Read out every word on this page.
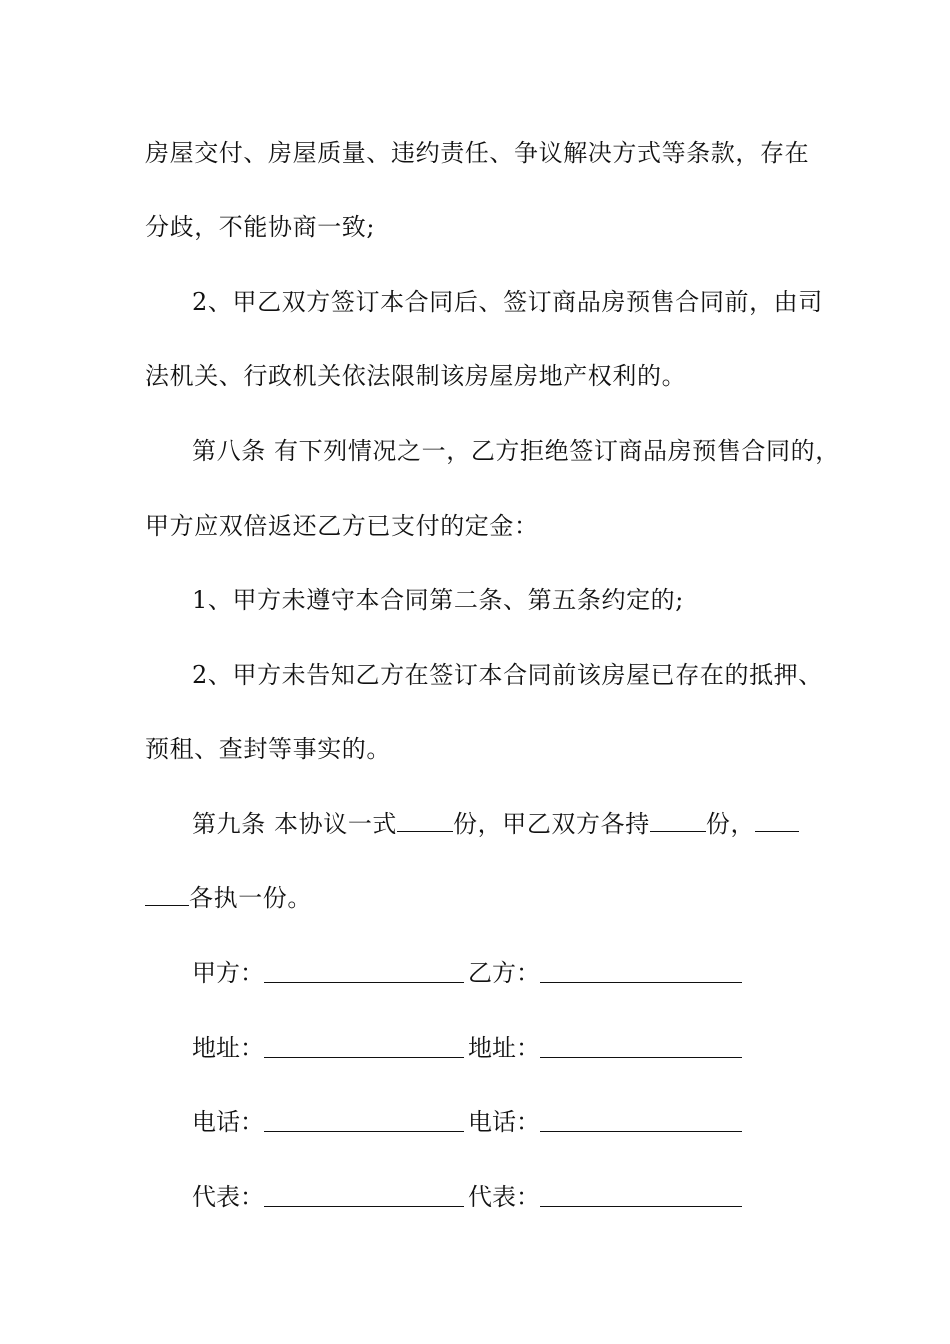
房屋交付、房屋质量、违约责任、争议解决方式等条款，存在
分歧，不能协商一致;
2、甲乙双方签订本合同后、签订商品房预售合同前，由司
法机关、行政机关依法限制该房屋房地产权利的。
第八条 有下列情况之一，乙方拒绝签订商品房预售合同的，
甲方应双倍返还乙方已支付的定金：
1、甲方未遵守本合同第二条、第五条约定的;
2、甲方未告知乙方在签订本合同前该房屋已存在的抵押、
预租、查封等事实的。
第九条 本协议一式 份，甲乙双方各持 份，
各执一份。
甲方：	乙方：
地址：	地址：
电话：	电话：
代表：	代表：
